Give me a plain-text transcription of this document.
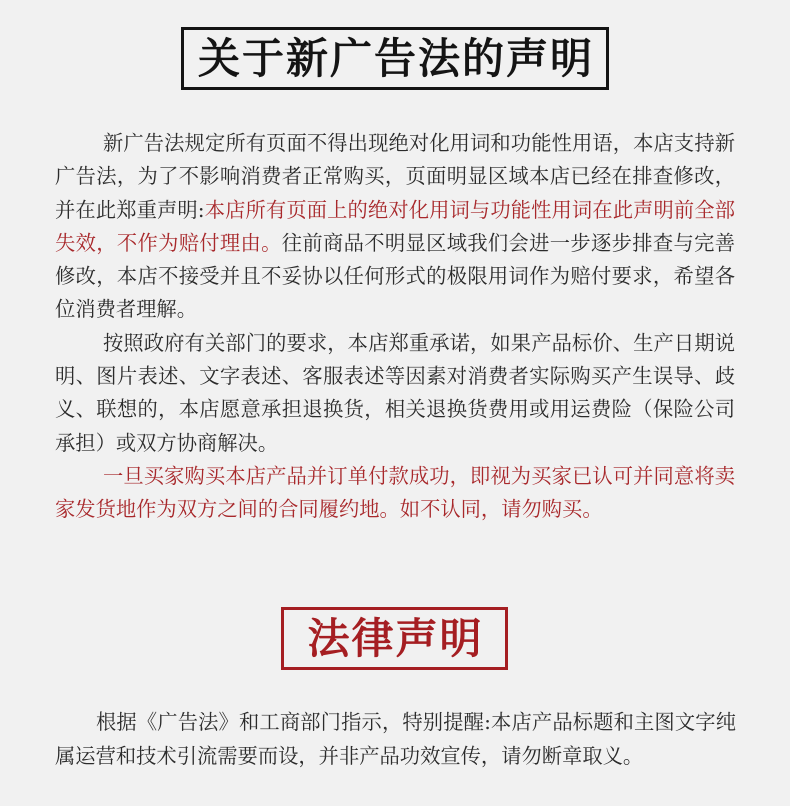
关于新广告法的声明

新广告法规定所有页面不得出现绝对化用词和功能性用语，本店支持新广告法，为了不影响消费者正常购买，页面明显区域本店已经在排查修改，并在此郑重声明:本店所有页面上的绝对化用词与功能性用词在此声明前全部失效，不作为赔付理由。往前商品不明显区域我们会进一步逐步排查与完善修改，本店不接受并且不妥协以任何形式的极限用词作为赔付要求，希望各位消费者理解。

按照政府有关部门的要求，本店郑重承诺，如果产品标价、生产日期说明、图片表述、文字表述、客服表述等因素对消费者实际购买产生误导、歧义、联想的，本店愿意承担退换货，相关退换货费用或用运费险（保险公司承担）或双方协商解决。

一旦买家购买本店产品并订单付款成功，即视为买家已认可并同意将卖家发货地作为双方之间的合同履约地。如不认同，请勿购买。

法律声明

根据《广告法》和工商部门指示，特别提醒:本店产品标题和主图文字纯属运营和技术引流需要而设，并非产品功效宣传，请勿断章取义。
